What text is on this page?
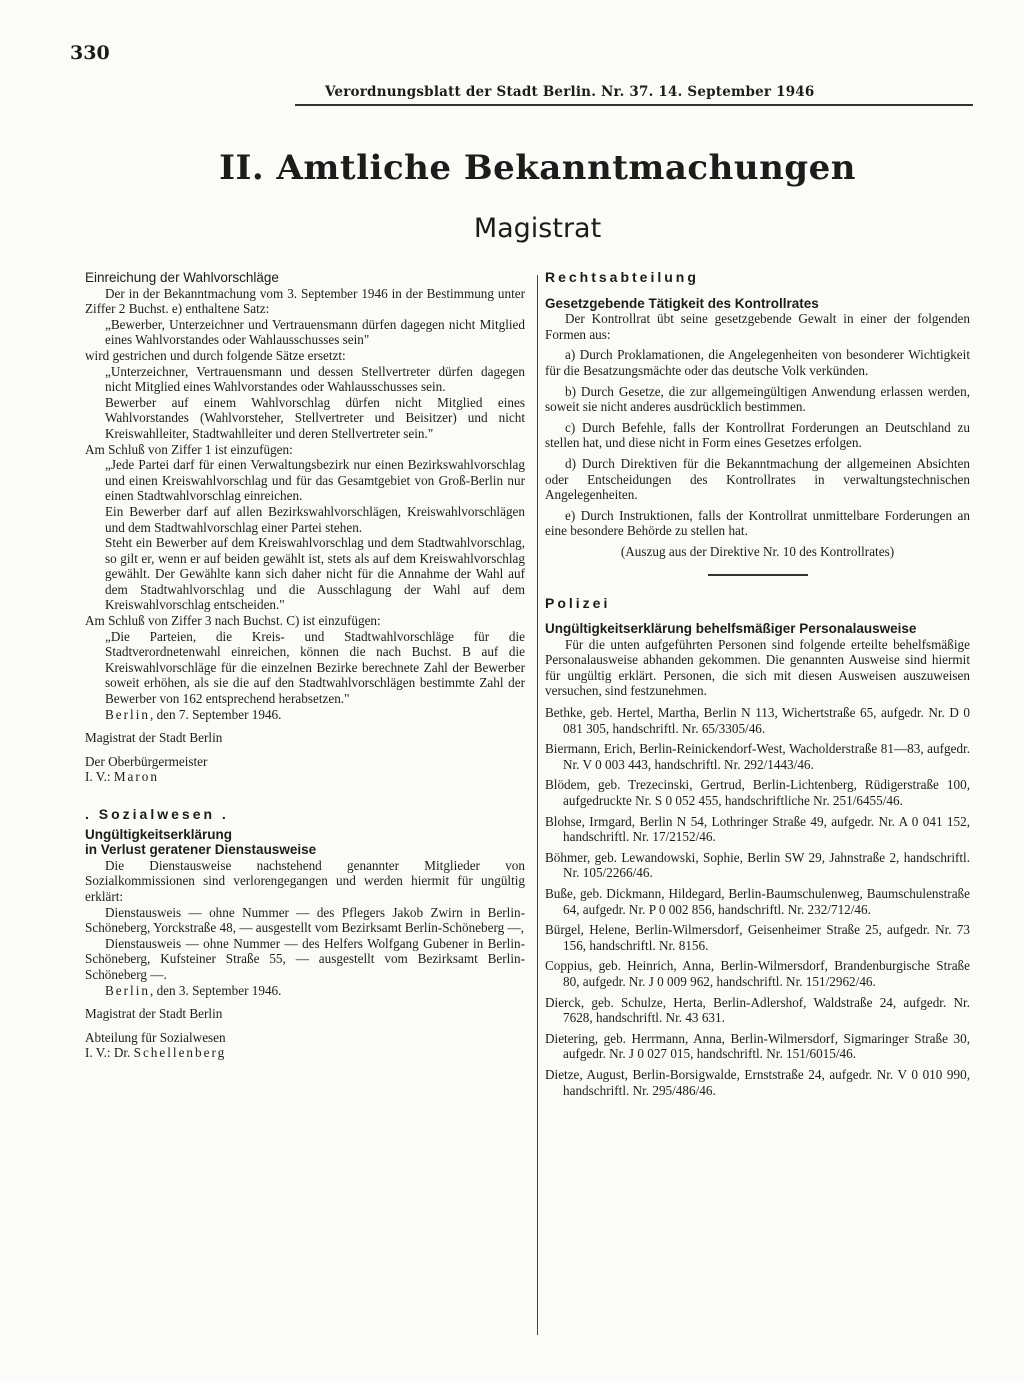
330
Verordnungsblatt der Stadt Berlin. Nr. 37. 14. September 1946
II. Amtliche Bekanntmachungen
Magistrat

Einreichung der Wahlvorschläge

Der in der Bekanntmachung vom 3. September 1946 in der Bestimmung unter Ziffer 2 Buchst. e) enthaltene Satz:

„Bewerber, Unterzeichner und Vertrauensmann dürfen dagegen nicht Mitglied eines Wahlvorstandes oder Wahlausschusses sein"

wird gestrichen und durch folgende Sätze ersetzt:

„Unterzeichner, Vertrauensmann und dessen Stellvertreter dürfen dagegen nicht Mitglied eines Wahlvorstandes oder Wahlausschusses sein.

Bewerber auf einem Wahlvorschlag dürfen nicht Mitglied eines Wahlvorstandes (Wahlvorsteher, Stellvertreter und Beisitzer) und nicht Kreiswahlleiter, Stadtwahlleiter und deren Stellvertreter sein."

Am Schluß von Ziffer 1 ist einzufügen:

„Jede Partei darf für einen Verwaltungsbezirk nur einen Bezirkswahlvorschlag und einen Kreiswahlvorschlag und für das Gesamtgebiet von Groß-Berlin nur einen Stadtwahlvorschlag einreichen.

Ein Bewerber darf auf allen Bezirkswahlvorschlägen, Kreiswahlvorschlägen und dem Stadtwahlvorschlag einer Partei stehen.

Steht ein Bewerber auf dem Kreiswahlvorschlag und dem Stadtwahlvorschlag, so gilt er, wenn er auf beiden gewählt ist, stets als auf dem Kreiswahlvorschlag gewählt. Der Gewählte kann sich daher nicht für die Annahme der Wahl auf dem Stadtwahlvorschlag und die Ausschlagung der Wahl auf dem Kreiswahlvorschlag entscheiden."

Am Schluß von Ziffer 3 nach Buchst. C) ist einzufügen:

„Die Parteien, die Kreis- und Stadtwahlvorschläge für die Stadtverordnetenwahl einreichen, können die nach Buchst. B auf die Kreiswahlvorschläge für die einzelnen Bezirke berechnete Zahl der Bewerber soweit erhöhen, als sie die auf den Stadtwahlvorschlägen bestimmte Zahl der Bewerber von 162 entsprechend herabsetzen."

Berlin, den 7. September 1946.

Magistrat der Stadt Berlin

Der Oberbürgermeister

I. V.: Maron

. Sozialwesen .

Ungültigkeitserklärung

in Verlust geratener Dienstausweise

Die Dienstausweise nachstehend genannter Mitglieder von Sozialkommissionen sind verlorengegangen und werden hiermit für ungültig erklärt:

Dienstausweis — ohne Nummer — des Pflegers Jakob Zwirn in Berlin-Schöneberg, Yorckstraße 48, — ausgestellt vom Bezirksamt Berlin-Schöneberg —,

Dienstausweis — ohne Nummer — des Helfers Wolfgang Gubener in Berlin-Schöneberg, Kufsteiner Straße 55, — ausgestellt vom Bezirksamt Berlin-Schöneberg —.

Berlin, den 3. September 1946.

Magistrat der Stadt Berlin

Abteilung für Sozialwesen

I. V.: Dr. Schellenberg

Rechtsabteilung

Gesetzgebende Tätigkeit des Kontrollrates

Der Kontrollrat übt seine gesetzgebende Gewalt in einer der folgenden Formen aus:

a) Durch Proklamationen, die Angelegenheiten von besonderer Wichtigkeit für die Besatzungsmächte oder das deutsche Volk verkünden.

b) Durch Gesetze, die zur allgemeingültigen Anwendung erlassen werden, soweit sie nicht anderes ausdrücklich bestimmen.

c) Durch Befehle, falls der Kontrollrat Forderungen an Deutschland zu stellen hat, und diese nicht in Form eines Gesetzes erfolgen.

d) Durch Direktiven für die Bekanntmachung der allgemeinen Absichten oder Entscheidungen des Kontrollrates in verwaltungstechnischen Angelegenheiten.

e) Durch Instruktionen, falls der Kontrollrat unmittelbare Forderungen an eine besondere Behörde zu stellen hat.

(Auszug aus der Direktive Nr. 10 des Kontrollrates)

Polizei

Ungültigkeitserklärung behelfsmäßiger Personalausweise

Für die unten aufgeführten Personen sind folgende erteilte behelfsmäßige Personalausweise abhanden gekommen. Die genannten Ausweise sind hiermit für ungültig erklärt. Personen, die sich mit diesen Ausweisen auszuweisen versuchen, sind festzunehmen.

Bethke, geb. Hertel, Martha, Berlin N 113, Wichertstraße 65, aufgedr. Nr. D 0 081 305, handschriftl. Nr. 65/3305/46.

Biermann, Erich, Berlin-Reinickendorf-West, Wacholderstraße 81—83, aufgedr. Nr. V 0 003 443, handschriftl. Nr. 292/1443/46.

Blödem, geb. Trezecinski, Gertrud, Berlin-Lichtenberg, Rüdigerstraße 100, aufgedruckte Nr. S 0 052 455, handschriftliche Nr. 251/6455/46.

Blohse, Irmgard, Berlin N 54, Lothringer Straße 49, aufgedr. Nr. A 0 041 152, handschriftl. Nr. 17/2152/46.

Böhmer, geb. Lewandowski, Sophie, Berlin SW 29, Jahnstraße 2, handschriftl. Nr. 105/2266/46.

Buße, geb. Dickmann, Hildegard, Berlin-Baumschulenweg, Baumschulenstraße 64, aufgedr. Nr. P 0 002 856, handschriftl. Nr. 232/712/46.

Bürgel, Helene, Berlin-Wilmersdorf, Geisenheimer Straße 25, aufgedr. Nr. 73 156, handschriftl. Nr. 8156.

Coppius, geb. Heinrich, Anna, Berlin-Wilmersdorf, Brandenburgische Straße 80, aufgedr. Nr. J 0 009 962, handschriftl. Nr. 151/2962/46.

Dierck, geb. Schulze, Herta, Berlin-Adlershof, Waldstraße 24, aufgedr. Nr. 7628, handschriftl. Nr. 43 631.

Dietering, geb. Herrmann, Anna, Berlin-Wilmersdorf, Sigmaringer Straße 30, aufgedr. Nr. J 0 027 015, handschriftl. Nr. 151/6015/46.

Dietze, August, Berlin-Borsigwalde, Ernststraße 24, aufgedr. Nr. V 0 010 990, handschriftl. Nr. 295/486/46.
